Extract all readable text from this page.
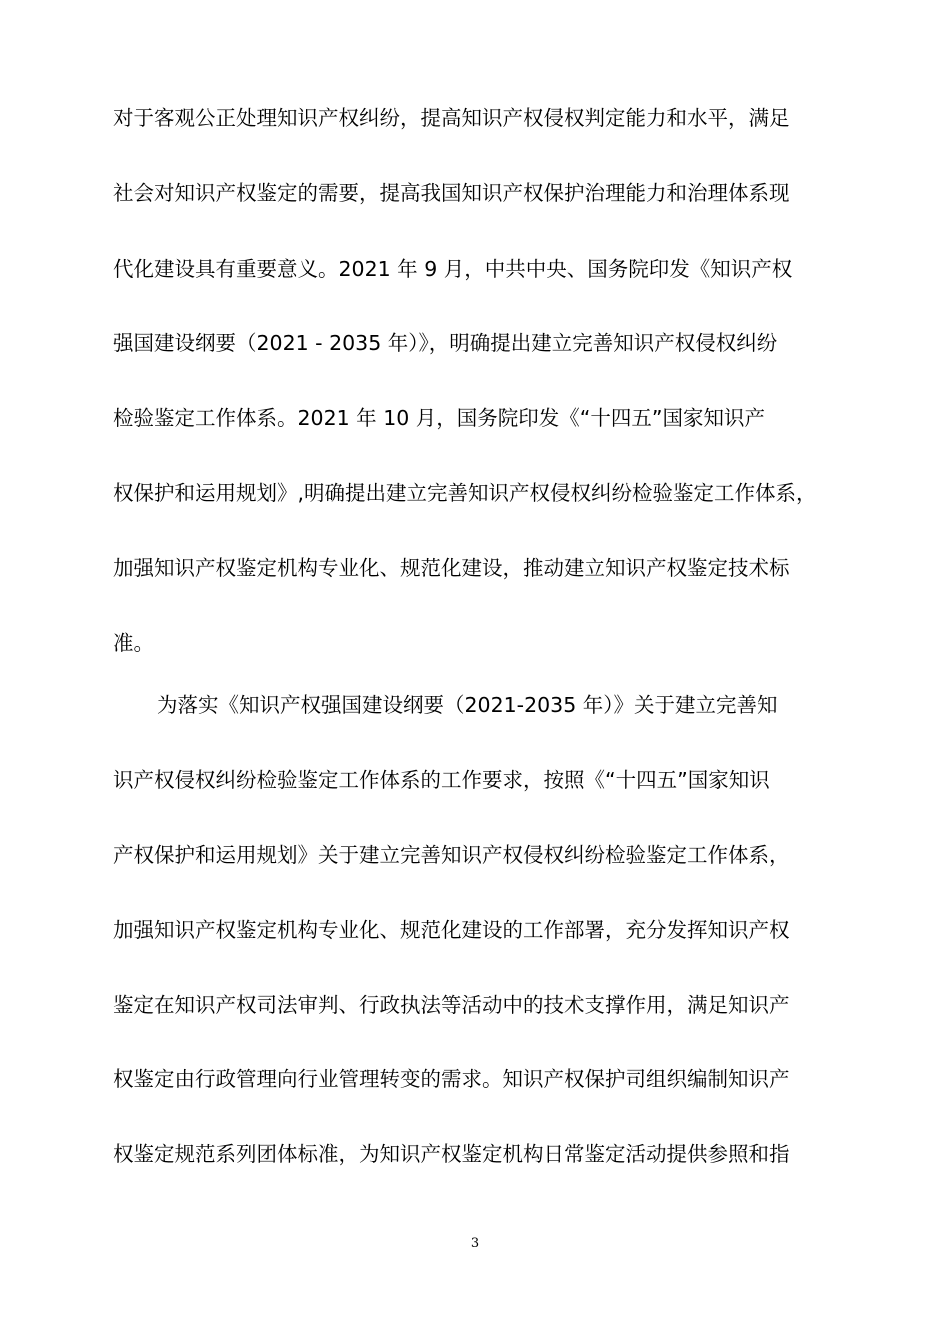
对于客观公正处理知识产权纠纷，提高知识产权侵权判定能力和水平，满足
社会对知识产权鉴定的需要，提高我国知识产权保护治理能力和治理体系现
代化建设具有重要意义。2021 年 9 月，中共中央、国务院印发《知识产权
强国建设纲要（2021 - 2035 年）》，明确提出建立完善知识产权侵权纠纷
检验鉴定工作体系。2021 年 10 月，国务院印发《“十四五”国家知识产
权保护和运用规划》,明确提出建立完善知识产权侵权纠纷检验鉴定工作体系，
加强知识产权鉴定机构专业化、规范化建设，推动建立知识产权鉴定技术标
准。
为落实《知识产权强国建设纲要（2021-2035 年）》关于建立完善知
识产权侵权纠纷检验鉴定工作体系的工作要求，按照《“十四五”国家知识
产权保护和运用规划》关于建立完善知识产权侵权纠纷检验鉴定工作体系，
加强知识产权鉴定机构专业化、规范化建设的工作部署，充分发挥知识产权
鉴定在知识产权司法审判、行政执法等活动中的技术支撑作用，满足知识产
权鉴定由行政管理向行业管理转变的需求。知识产权保护司组织编制知识产
权鉴定规范系列团体标准，为知识产权鉴定机构日常鉴定活动提供参照和指
3
